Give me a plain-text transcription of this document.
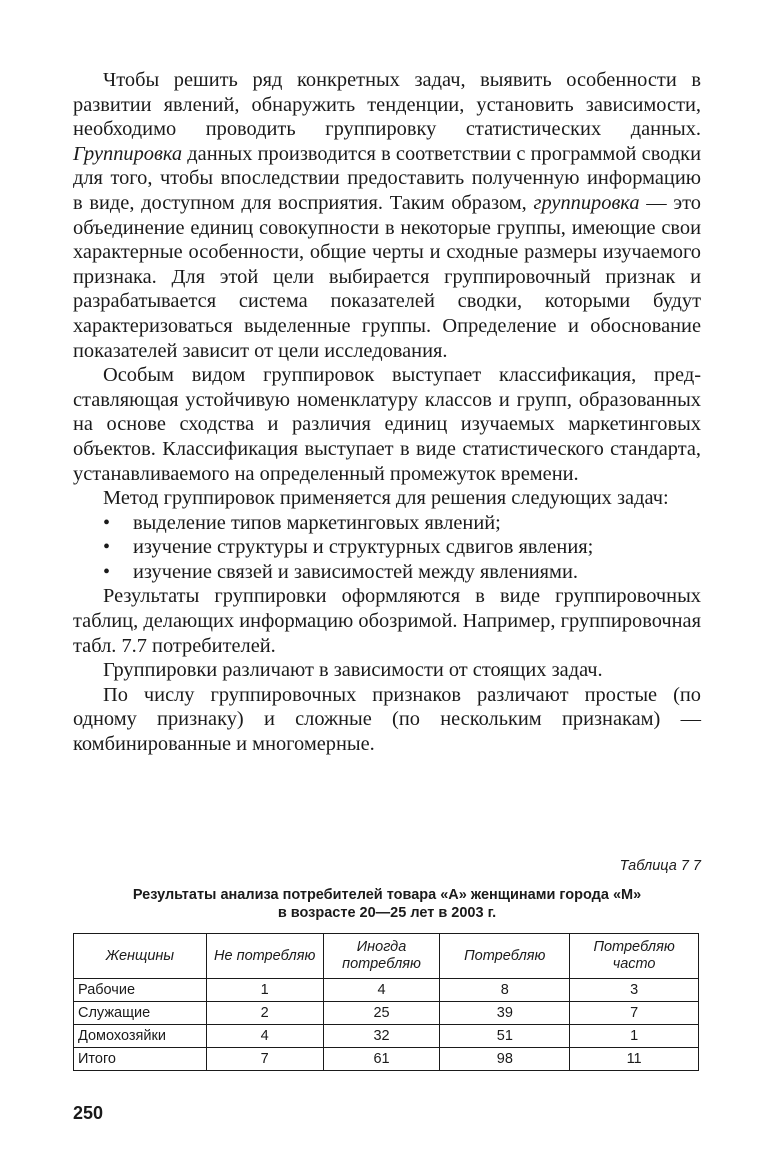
Чтобы решить ряд конкретных задач, выявить особенности в развитии явлений, обнаружить тенденции, установить зависимости, необходимо проводить группировку статистических данных. Группировка данных производится в соответствии с программой сводки для того, чтобы впоследствии предоставить полученную информацию в виде, доступном для восприятия. Таким образом, группировка — это объединение единиц совокупности в некоторые группы, имеющие свои характерные особенности, общие черты и сходные размеры изучаемого признака. Для этой цели выбирается группировочный признак и разрабатывается система показателей сводки, которыми будут характеризоваться выделенные группы. Определение и обоснование показателей зависит от цели исследования.

Особым видом группировок выступает классификация, представляющая устойчивую номенклатуру классов и групп, образованных на основе сходства и различия единиц изучаемых маркетинговых объектов. Классификация выступает в виде статистического стандарта, устанавливаемого на определенный промежуток времени.

Метод группировок применяется для решения следующих задач:

• выделение типов маркетинговых явлений;
• изучение структуры и структурных сдвигов явления;
• изучение связей и зависимостей между явлениями.

Результаты группировки оформляются в виде группировочных таблиц, делающих информацию обозримой. Например, группировочная табл. 7.7 потребителей.

Группировки различают в зависимости от стоящих задач.

По числу группировочных признаков различают простые (по одному признаку) и сложные (по нескольким признакам) — комбинированные и многомерные.

Таблица 7 7
Результаты анализа потребителей товара «А» женщинами города «М»
в возрасте 20—25 лет в 2003 г.
Женщины	Не потребляю	Иногда потребляю	Потребляю	Потребляю часто
Рабочие	1	4	8	3
Служащие	2	25	39	7
Домохозяйки	4	32	51	1
Итого	7	61	98	11
250
